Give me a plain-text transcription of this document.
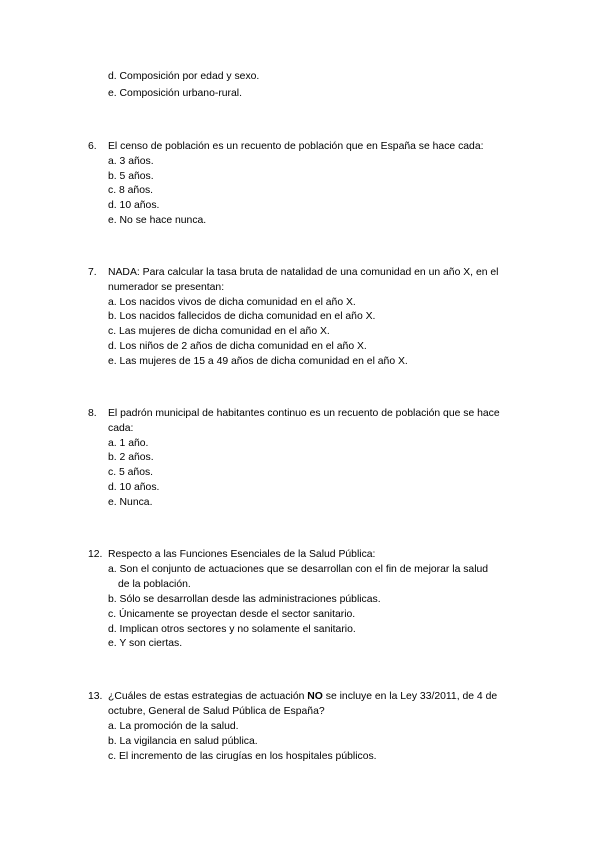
d. Composición por edad y sexo.
e. Composición urbano-rural.
6. El censo de población es un recuento de población que en España se hace cada:
a. 3 años.
b. 5 años.
c. 8 años.
d. 10 años.
e. No se hace nunca.
7. NADA: Para calcular la tasa bruta de natalidad de una comunidad en un año X, en el
numerador se presentan:
a. Los nacidos vivos de dicha comunidad en el año X.
b. Los nacidos fallecidos de dicha comunidad en el año X.
c. Las mujeres de dicha comunidad en el año X.
d. Los niños de 2 años de dicha comunidad en el año X.
e. Las mujeres de 15 a 49 años de dicha comunidad en el año X.
8. El padrón municipal de habitantes continuo es un recuento de población que se hace
cada:
a. 1 año.
b. 2 años.
c. 5 años.
d. 10 años.
e. Nunca.
12. Respecto a las Funciones Esenciales de la Salud Pública:
a. Son el conjunto de actuaciones que se desarrollan con el fin de mejorar la salud
de la población.
b. Sólo se desarrollan desde las administraciones públicas.
c. Únicamente se proyectan desde el sector sanitario.
d. Implican otros sectores y no solamente el sanitario.
e. Y son ciertas.
13. ¿Cuáles de estas estrategias de actuación NO se incluye en la Ley 33/2011, de 4 de
octubre, General de Salud Pública de España?
a. La promoción de la salud.
b. La vigilancia en salud pública.
c. El incremento de las cirugías en los hospitales públicos.
